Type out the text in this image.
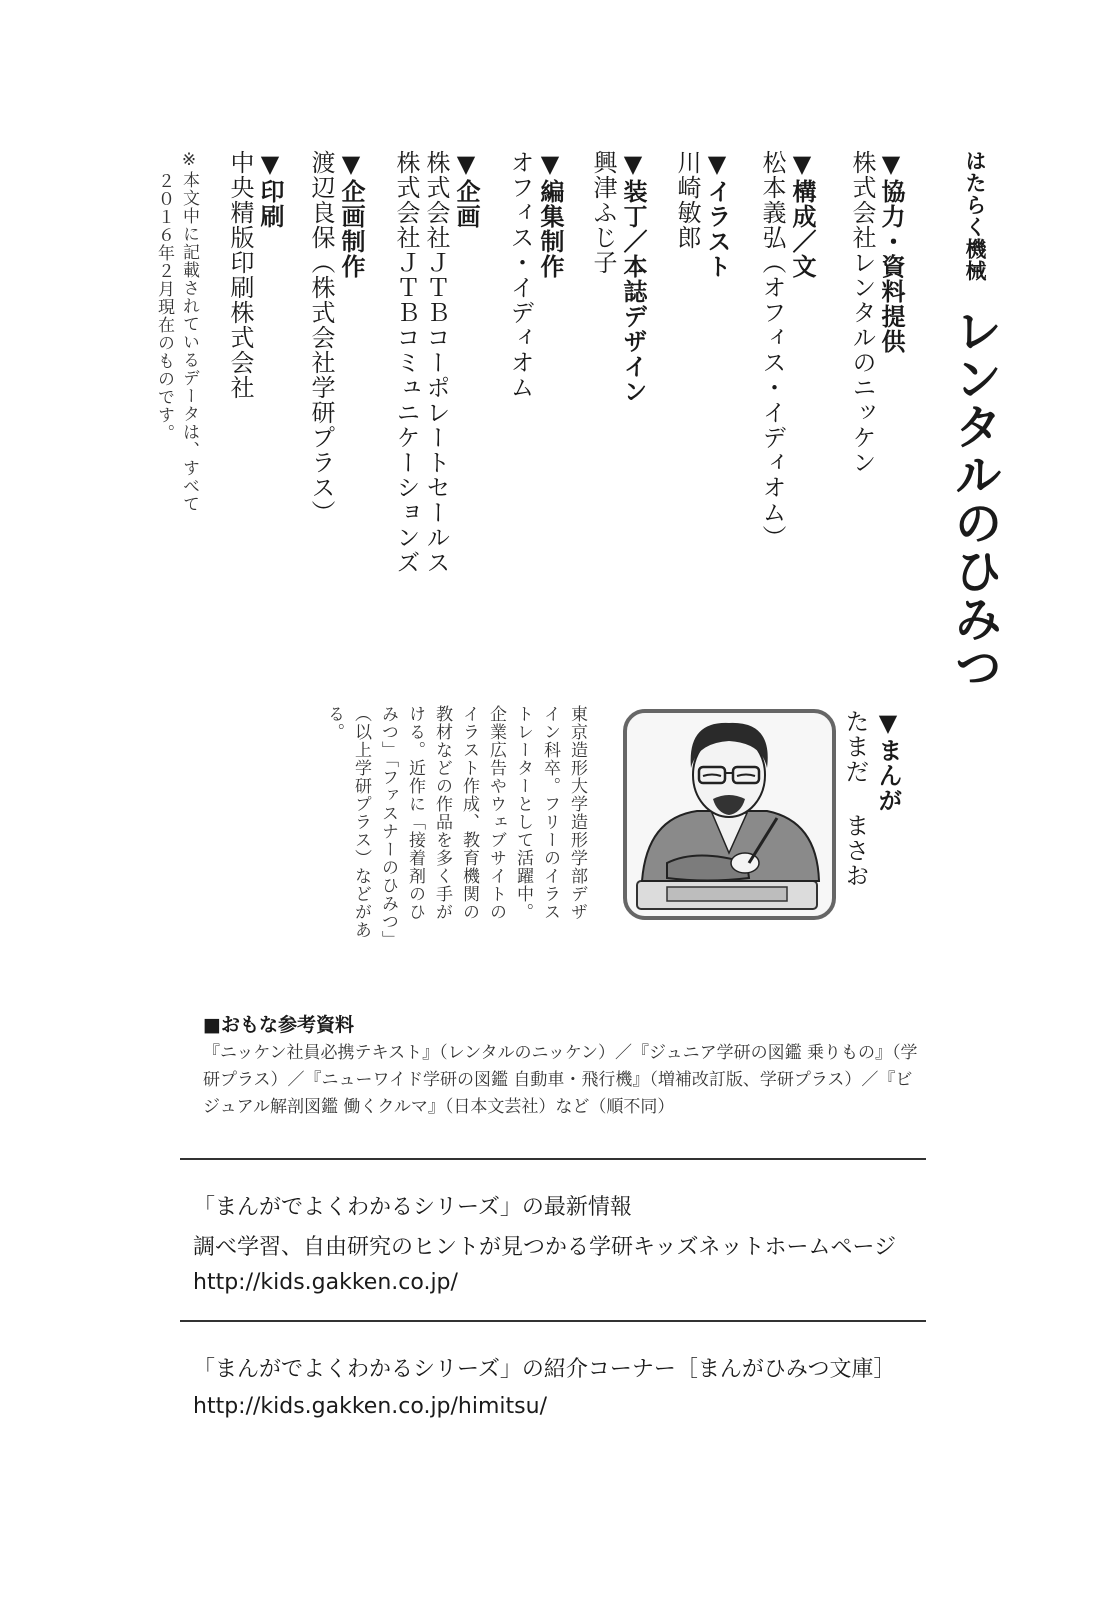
はたらく機械
レンタルのひみつ
▼協力・資料提供
株式会社レンタルのニッケン
▼構成／文
松本義弘（オフィス・イディオム）
▼イラスト
川崎敏郎
▼装丁／本誌デザイン
興津ふじ子
▼編集制作
オフィス・イディオム
▼企画
株式会社ＪＴＢコーポレートセールス
株式会社ＪＴＢコミュニケーションズ
▼企画制作
渡辺良保（株式会社学研プラス）
▼印刷
中央精版印刷株式会社
※本文中に記載されているデータは、すべて
２０１６年２月現在のものです。
▼まんが
たまだ まさお
東京造形大学造形学部デザ
イン科卒。フリーのイラス
トレーターとして活躍中。
企業広告やウェブサイトの
イラスト作成、教育機関の
教材などの作品を多く手が
ける。近作に「接着剤のひ
みつ」「ファスナーのひみつ」
（以上学研プラス）などがあ
る。
■おもな参考資料
『ニッケン社員必携テキスト』（レンタルのニッケン）／『ジュニア学研の図鑑 乗りもの』（学研プラス）／『ニューワイド学研の図鑑 自動車・飛行機』（増補改訂版、学研プラス）／『ビジュアル解剖図鑑 働くクルマ』（日本文芸社）など（順不同）
「まんがでよくわかるシリーズ」の最新情報
調べ学習、自由研究のヒントが見つかる学研キッズネットホームページ
http://kids.gakken.co.jp/
「まんがでよくわかるシリーズ」の紹介コーナー［まんがひみつ文庫］
http://kids.gakken.co.jp/himitsu/
